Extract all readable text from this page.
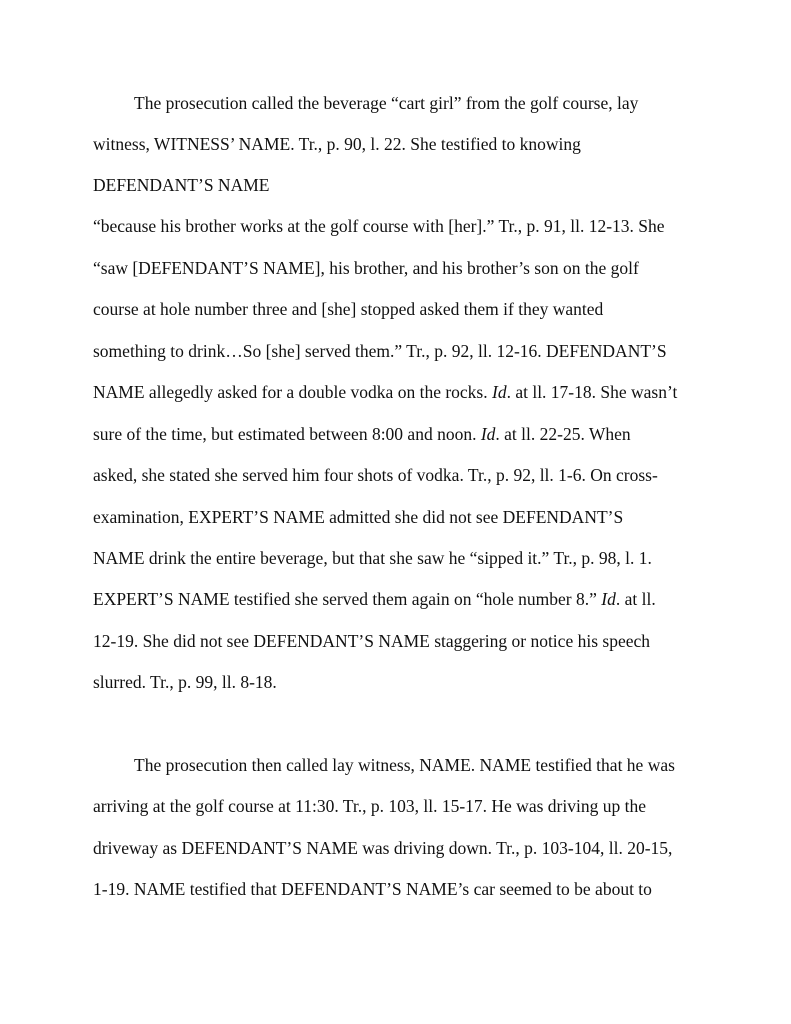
The prosecution called the beverage “cart girl” from the golf course, lay
witness, WITNESS’ NAME. Tr., p. 90, l. 22. She testified to knowing
DEFENDANT’S NAME
“because his brother works at the golf course with [her].” Tr., p. 91, ll. 12-13. She
“saw [DEFENDANT’S NAME], his brother, and his brother’s son on the golf
course at hole number three and [she] stopped asked them if they wanted
something to drink…So [she] served them.” Tr., p. 92, ll. 12-16. DEFENDANT’S
NAME allegedly asked for a double vodka on the rocks. Id. at ll. 17-18. She wasn’t
sure of the time, but estimated between 8:00 and noon. Id. at ll. 22-25. When
asked, she stated she served him four shots of vodka. Tr., p. 92, ll. 1-6. On cross-
examination, EXPERT’S NAME admitted she did not see DEFENDANT’S
NAME drink the entire beverage, but that she saw he “sipped it.” Tr., p. 98, l. 1.
EXPERT’S NAME testified she served them again on “hole number 8.” Id. at ll.
12-19. She did not see DEFENDANT’S NAME staggering or notice his speech
slurred. Tr., p. 99, ll. 8-18.
The prosecution then called lay witness, NAME. NAME testified that he was
arriving at the golf course at 11:30. Tr., p. 103, ll. 15-17. He was driving up the
driveway as DEFENDANT’S NAME was driving down. Tr., p. 103-104, ll. 20-15,
1-19. NAME testified that DEFENDANT’S NAME’s car seemed to be about to
